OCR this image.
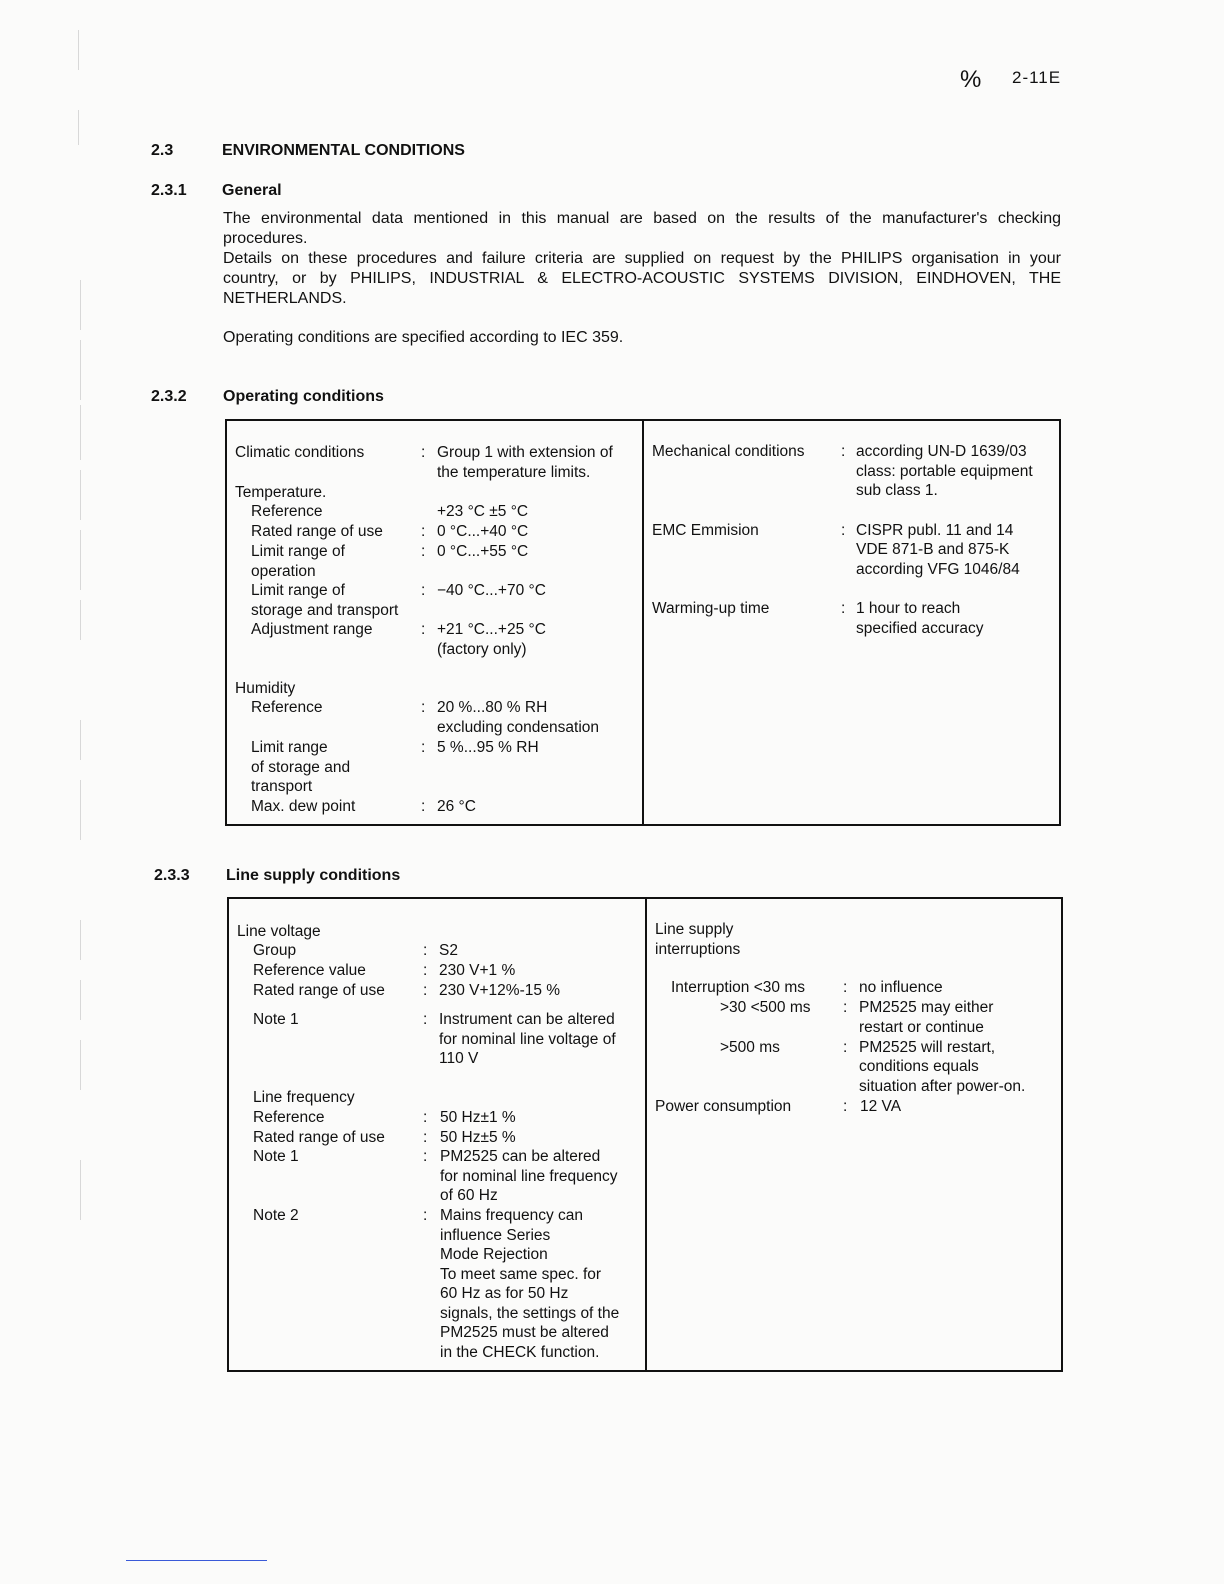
% 2-11E
2.3	ENVIRONMENTAL CONDITIONS
2.3.1 General
The environmental data mentioned in this manual are based on the results of the manufacturer's checking
procedures.
Details on these procedures and failure criteria are supplied on request by the PHILIPS organisation in your
country, or by PHILIPS, INDUSTRIAL & ELECTRO-ACOUSTIC SYSTEMS DIVISION, EINDHOVEN, THE
NETHERLANDS.
Operating conditions are specified according to IEC 359.
2.3.2 Operating conditions
Climatic conditions	: Group 1 with extension of
the temperature limits.
Temperature.
Reference	+23 °C ±5 °C
Rated range of use : 0 °C...+40 °C
Limit range of
operation
: 0 °C...+55 °C
Limit range of
storage and transport
: −40 °C...+70 °C
Adjustment range	: +21 °C...+25 °C
(factory only)
Humidity
Reference	: 20 %...80 % RH
excluding condensation
Limit range
of storage and
transport
: 5 %...95 % RH
Max. dew point	: 26 °C
Mechanical conditions : according UN-D 1639/03
class: portable equipment
sub class 1.
EMC Emmision	: CISPR publ. 11 and 14
VDE 871-B and 875-K
according VFG 1046/84
Warming-up time	: 1 hour to reach
specified accuracy
2.3.3 Line supply conditions
Line voltage
Group	: S2
Reference value	: 230 V+1 %
Rated range of use : 230 V+12%-15 %
Note 1	: Instrument can be altered
for nominal line voltage of
110 V
Line frequency
Reference	: 50 Hz±1 %
Rated range of use : 50 Hz±5 %
Note 1	: PM2525 can be altered
for nominal line frequency
of 60 Hz
Note 2	: Mains frequency can
influence Series
Mode Rejection
To meet same spec. for
60 Hz as for 50 Hz
signals, the settings of the
PM2525 must be altered
in the CHECK function.
Line supply
interruptions
Interruption <30 ms : no influence
>30 <500 ms : PM2525 may either
restart or continue
>500 ms	: PM2525 will restart,
conditions equals
situation after power-on.
Power consumption	: 12 VA
